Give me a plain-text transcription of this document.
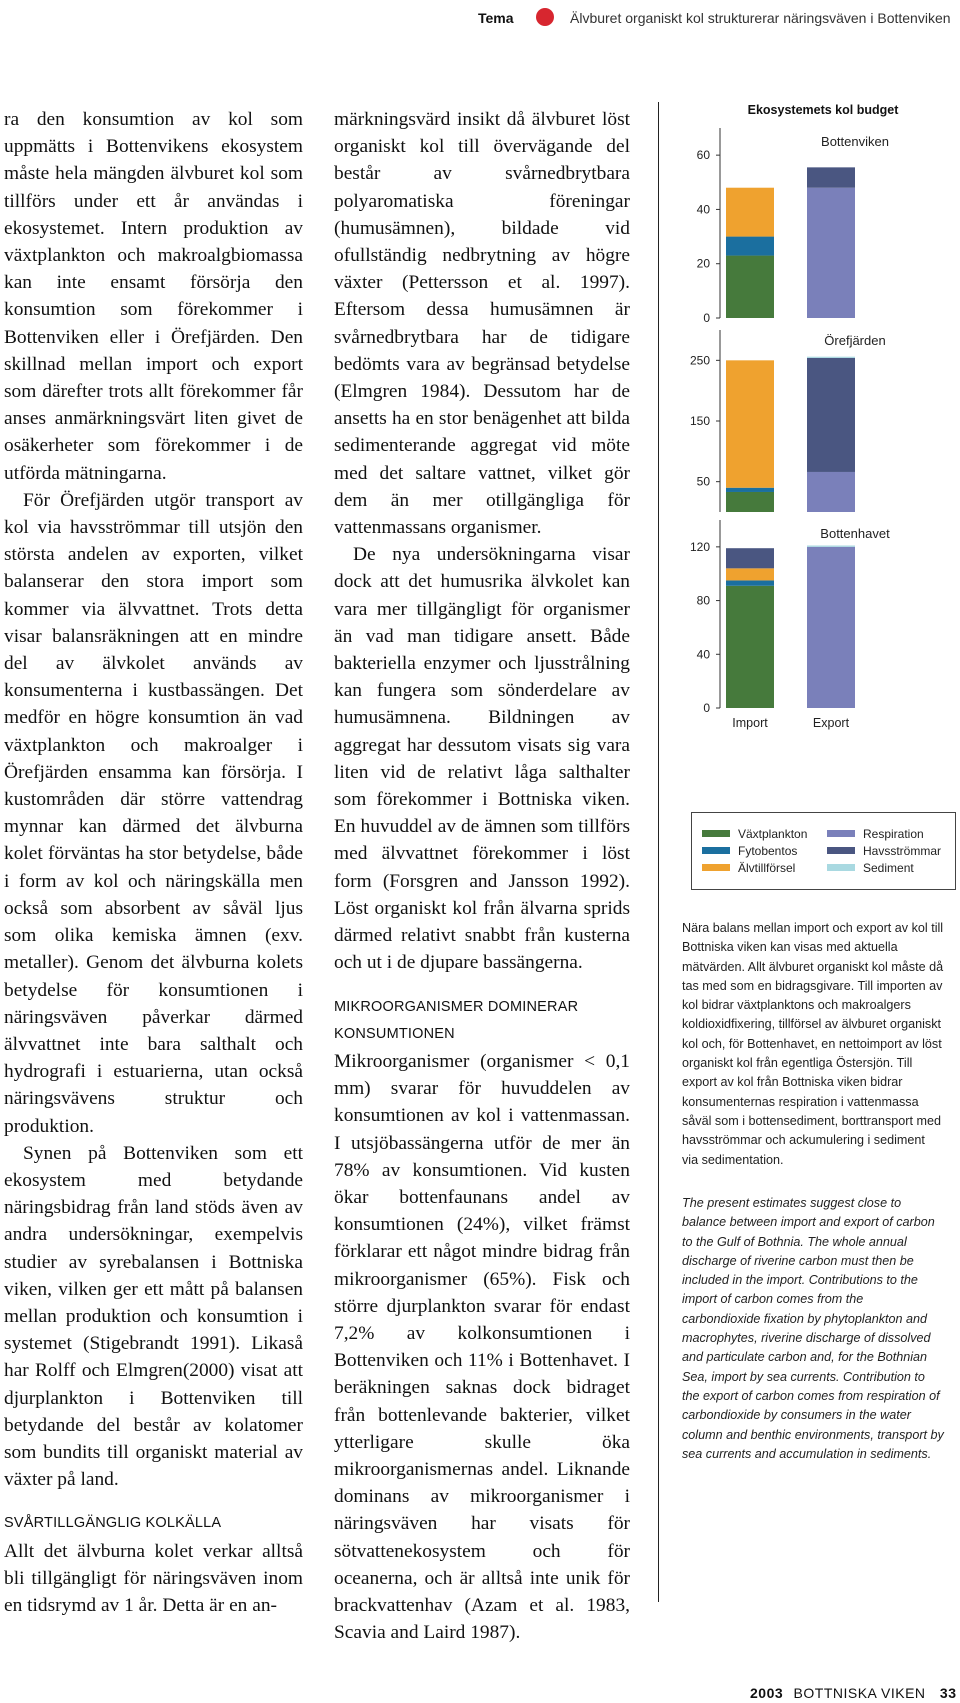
Tema	Älvburet organiskt kol strukturerar näringsväven i Bottenviken

ra den konsumtion av kol som uppmätts i Bottenvikens ekosystem måste hela mängden älvburet kol som tillförs under ett år användas i ekosystemet. Intern produktion av växtplankton och makroalgbiomassa kan inte ensamt försörja den konsumtion som förekommer i Bottenviken eller i Örefjärden. Den skillnad mellan import och export som därefter trots allt förekommer får anses anmärkningsvärt liten givet de osäkerheter som förekommer i de utförda mätningarna.

För Örefjärden utgör transport av kol via havsströmmar till utsjön den största andelen av exporten, vilket balanserar den stora import som kommer via älvvattnet. Trots detta visar balansräkningen att en mindre del av älvkolet används av konsumenterna i kustbassängen. Det medför en högre konsumtion än vad växtplankton och makroalger i Örefjärden ensamma kan försörja. I kustområden där större vattendrag mynnar kan därmed det älvburna kolet förväntas ha stor betydelse, både i form av kol och näringskälla men också som absorbent av såväl ljus som olika kemiska ämnen (exv. metaller). Genom det älvburna kolets betydelse för konsumtionen i näringsväven påverkar därmed älvvattnet inte bara salthalt och hydrografi i estuarierna, utan också näringsvävens struktur och produktion.

Synen på Bottenviken som ett ekosystem med betydande näringsbidrag från land stöds även av andra undersökningar, exempelvis studier av syrebalansen i Bottniska viken, vilken ger ett mått på balansen mellan produktion och konsumtion i systemet (Stigebrandt 1991). Likaså har Rolff och Elmgren(2000) visat att djurplankton i Bottenviken till betydande del består av kolatomer som bundits till organiskt material av växter på land.

SVÅRTILLGÄNGLIG KOLKÄLLA

Allt det älvburna kolet verkar alltså bli tillgängligt för näringsväven inom en tidsrymd av 1 år. Detta är en an-

märkningsvärd insikt då älvburet löst organiskt kol till övervägande del består av svårnedbrytbara polyaromatiska föreningar (humusämnen), bildade vid ofullständig nedbrytning av högre växter (Pettersson et al. 1997). Eftersom dessa humusämnen är svårnedbrytbara har de tidigare bedömts vara av begränsad betydelse (Elmgren 1984). Dessutom har de ansetts ha en stor benägenhet att bilda sedimenterande aggregat vid möte med det saltare vattnet, vilket gör dem än mer otillgängliga för vattenmassans organismer.

De nya undersökningarna visar dock att det humusrika älvkolet kan vara mer tillgängligt för organismer än vad man tidigare ansett. Både bakteriella enzymer och ljusstrålning kan fungera som sönderdelare av humusämnena. Bildningen av aggregat har dessutom visats sig vara liten vid de relativt låga salthalter som förekommer i Bottniska viken. En huvuddel av de ämnen som tillförs med älvvattnet förekommer i löst form (Forsgren and Jansson 1992). Löst organiskt kol från älvarna sprids därmed relativt snabbt från kusterna och ut i de djupare bassängerna.

MIKROORGANISMER DOMINERAR KONSUMTIONEN

Mikroorganismer (organismer < 0,1 mm) svarar för huvuddelen av konsumtionen av kol i vattenmassan. I utsjöbassängerna utför de mer än 78% av konsumtionen. Vid kusten ökar bottenfaunans andel av konsumtionen (24%), vilket främst förklarar ett något mindre bidrag från mikroorganismer (65%). Fisk och större djurplankton svarar för endast 7,2% av kolkonsumtionen i Bottenviken och 11% i Bottenhavet. I beräkningen saknas dock bidraget från bottenlevande bakterier, vilket ytterligare skulle öka mikroorganismernas andel. Liknande dominans av mikroorganismer i näringsväven har visats för sötvattenekosystem och för oceanerna, och är alltså inte unik för brackvattenhav (Azam et al. 1983, Scavia and Laird 1987).

Ekosystemets kol budget
0
20
40
60
Bottenviken
50
150
250
Örefjärden
0
40
80
120
Bottenhavet
Import	Export
Växtplankton
Fytobentos
Älvtillförsel
Respiration
Havsströmmar
Sediment
Nära balans mellan import och export av kol till Bottniska viken kan visas med aktuella mätvärden. Allt älvburet organiskt kol måste då tas med som en bidragsgivare. Till importen av kol bidrar växtplanktons och makroalgers koldioxidfixering, tillförsel av älvburet organiskt kol och, för Bottenhavet, en nettoimport av löst organiskt kol från egentliga Östersjön. Till export av kol från Bottniska viken bidrar konsumenternas respiration i vattenmassa såväl som i bottensediment, borttransport med havsströmmar och ackumulering i sediment via sedimentation.
The present estimates suggest close to balance between import and export of carbon to the Gulf of Bothnia. The whole annual discharge of riverine carbon must then be included in the import. Contributions to the import of carbon comes from the carbondioxide fixation by phytoplankton and macrophytes, riverine discharge of dissolved and particulate carbon and, for the Bothnian Sea, import by sea currents. Contribution to the export of carbon comes from respiration of carbondioxide by consumers in the water column and benthic environments, transport by sea currents and accumulation in sediments.
2003 BOTTNISKA VIKEN 33
